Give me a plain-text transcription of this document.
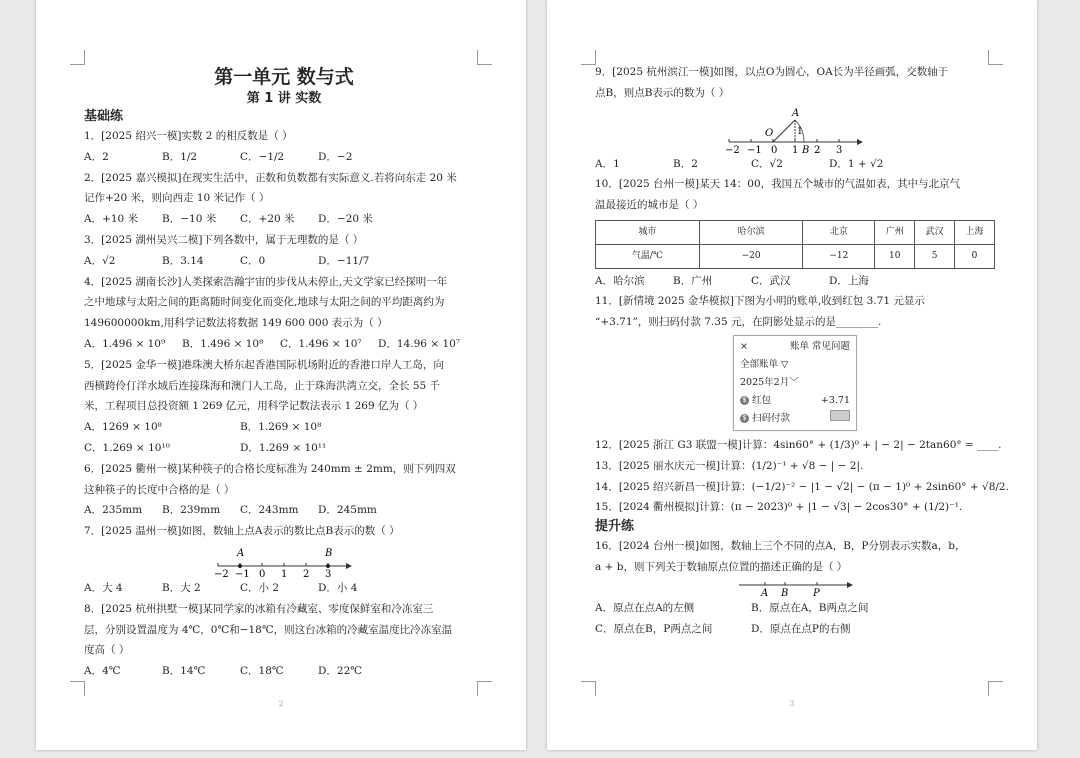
第一单元 数与式
第 1 讲 实数
基础练
1．[2025 绍兴一模]实数 2 的相反数是（ ）
A．2	B．1/2	C．−1/2	D．−2
2．[2025 嘉兴模拟]在现实生活中，正数和负数都有实际意义.若将向东走 20 米
记作+20 米，则向西走 10 米记作（ ）
A．+10 米	B．−10 米	C．+20 米	D．−20 米
3．[2025 湖州吴兴二模]下列各数中，属于无理数的是（ ）
A．√2	B．3.14	C．0	D．−11/7
4．[2025 湖南长沙]人类探索浩瀚宇宙的步伐从未停止,天文学家已经探明一年
之中地球与太阳之间的距离随时间变化而变化,地球与太阳之间的平均距离约为
149600000km,用科学记数法将数据 149 600 000 表示为（ ）
A．1.496 × 10⁹	B．1.496 × 10⁸	C．1.496 × 10⁷	D．14.96 × 10⁷
5．[2025 金华一模]港珠澳大桥东起香港国际机场附近的香港口岸人工岛，向
西横跨伶仃洋水域后连接珠海和澳门人工岛，止于珠海洪湾立交，全长 55 千
米，工程项目总投资额 1 269 亿元，用科学记数法表示 1 269 亿为（ ）
A．1269 × 10⁸	B．1.269 × 10⁸
C．1.269 × 10¹⁰	D．1.269 × 10¹¹
6．[2025 衢州一模]某种筷子的合格长度标准为 240mm ± 2mm，则下列四双
这种筷子的长度中合格的是（ ）
A．235mm	B．239mm	C．243mm	D．245mm
7．[2025 温州一模]如图，数轴上点A表示的数比点B表示的数（ ）
A	B
−2 −1 0 1 2 3
A．大 4	B．大 2	C．小 2	D．小 4
8．[2025 杭州拱墅一模]某同学家的冰箱有冷藏室、零度保鲜室和冷冻室三
层，分别设置温度为 4℃，0℃和−18℃，则这台冰箱的冷藏室温度比冷冻室温
度高（ ）
A．4℃	B．14℃	C．18℃	D．22℃
2
9．[2025 杭州滨江一模]如图，以点O为圆心，OA长为半径画弧，交数轴于
点B，则点B表示的数为（ ）
O
A
1
−2 −1 0 1 B 2 3
A．1	B．2	C．√2	D．1 + √2
10．[2025 台州一模]某天 14：00，我国五个城市的气温如表，其中与北京气
温最接近的城市是（ ）
城市	哈尔滨	北京	广州	武汉	上海
气温/℃	−20	−12	10	5	0
A．哈尔滨	B．广州	C．武汉	D．上海
11．[新情境 2025 金华模拟]下图为小明的账单,收到红包 3.71 元显示
“+3.71”，则扫码付款 7.35 元，在阴影处显示的是________.
×	账单 常见问题
全部账单 ▽
2025年2月﹀
$ 红包	+3.71
$ 扫码付款
12．[2025 浙江 G3 联盟一模]计算：4sin60° + (1/3)⁰ + | − 2| − 2tan60° = ____.
13．[2025 丽水庆元一模]计算：(1/2)⁻¹ + √8 − | − 2|.
14．[2025 绍兴新昌一模]计算：(−1/2)⁻² − |1 − √2| − (π − 1)⁰ + 2sin60° + √8/2.
15．[2024 衢州模拟]计算：(π − 2023)⁰ + |1 − √3| − 2cos30° + (1/2)⁻¹.
提升练
16．[2024 台州一模]如图，数轴上三个不同的点A，B，P分别表示实数a，b，
a + b，则下列关于数轴原点位置的描述正确的是（ ）
A B P
A．原点在点A的左侧	B．原点在A，B两点之间
C．原点在B，P两点之间	D．原点在点P的右侧
3
